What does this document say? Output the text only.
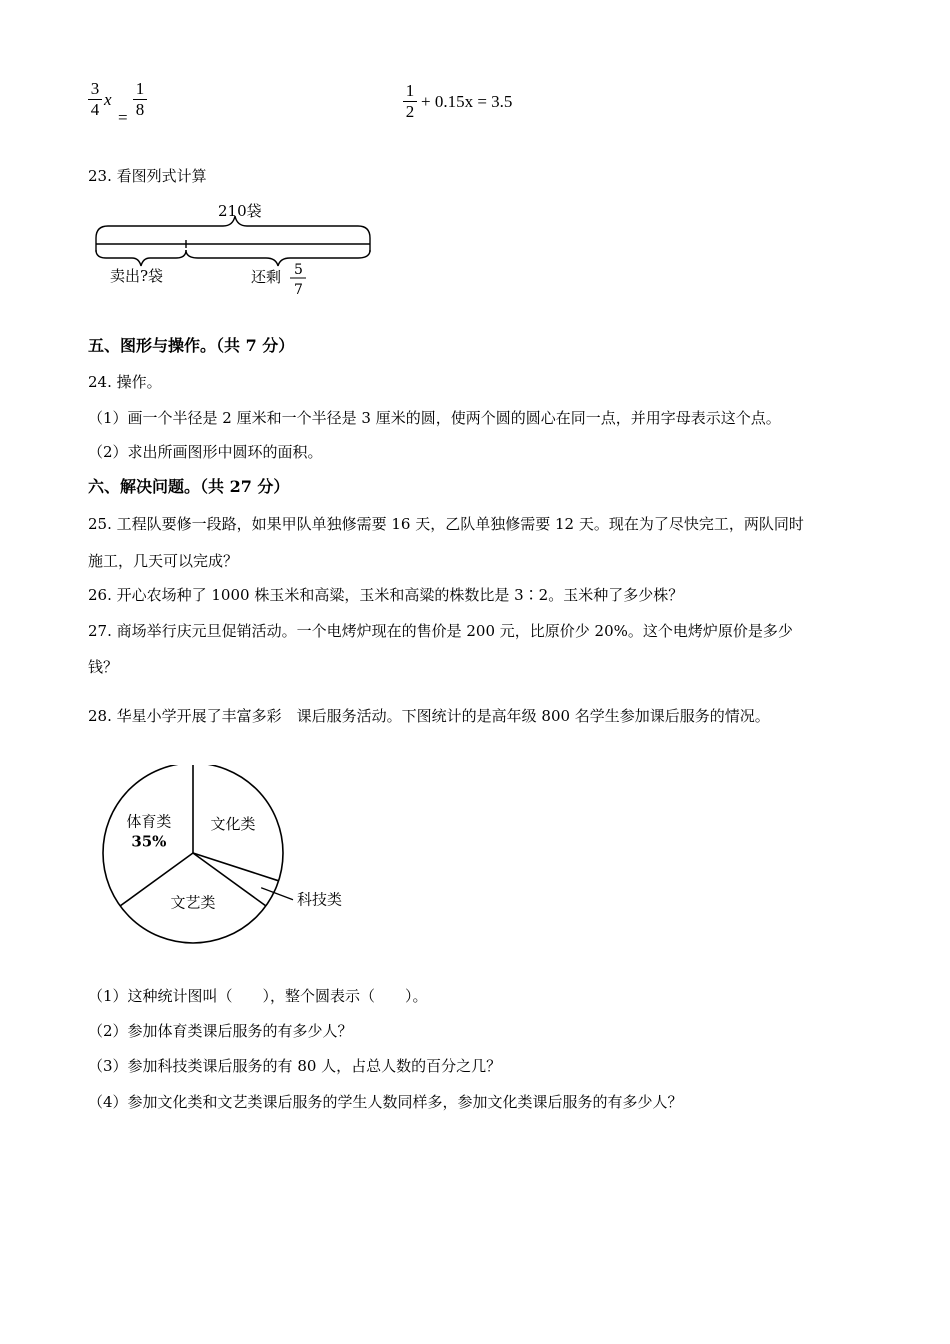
3
4
x
=
1
8
1
2
+ 0.15x = 3.5
23. 看图列式计算
210袋
卖出?袋	还剩 5
7
五、图形与操作。（共 7 分）
24. 操作。
（1）画一个半径是 2 厘米和一个半径是 3 厘米的圆，使两个圆的圆心在同一点，并用字母表示这个点。
（2）求出所画图形中圆环的面积。
六、解决问题。（共 27 分）
25. 工程队要修一段路，如果甲队单独修需要 16 天，乙队单独修需要 12 天。现在为了尽快完工，两队同时
施工，几天可以完成？
26. 开心农场种了 1000 株玉米和高粱，玉米和高粱的株数比是 3∶2。玉米种了多少株？
27. 商场举行庆元旦促销活动。一个电烤炉现在的售价是 200 元，比原价少 20%。这个电烤炉原价是多少
钱？
28. 华星小学开展了丰富多彩　课后服务活动。下图统计的是高年级 800 名学生参加课后服务的情况。
体育类
35%
文化类
科技类
文艺类
（1）这种统计图叫（　　），整个圆表示（　　）。
（2）参加体育类课后服务的有多少人？
（3）参加科技类课后服务的有 80 人，占总人数的百分之几？
（4）参加文化类和文艺类课后服务的学生人数同样多，参加文化类课后服务的有多少人？
